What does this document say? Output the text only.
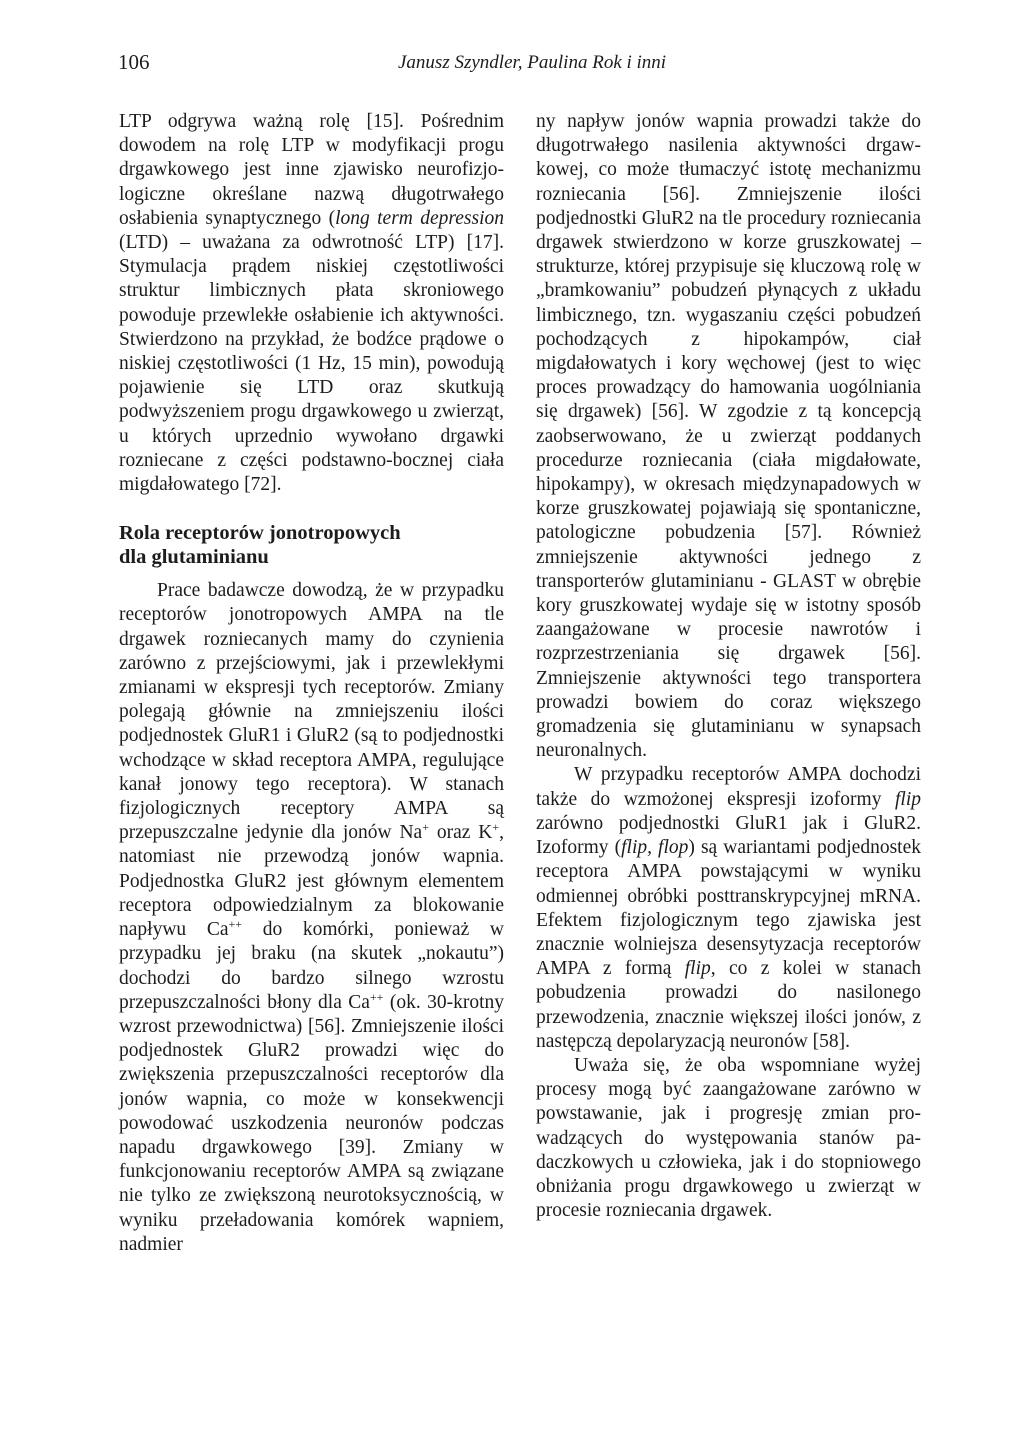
106	Janusz Szyndler, Paulina Rok i inni

LTP odgrywa ważną rolę [15]. Pośrednim dowodem na rolę LTP w modyfikacji progu drgawkowego jest inne zjawisko neurofizjologiczne określane nazwą długotrwałego osłabienia synaptycznego (long term depression (LTD) – uważana za odwrotność LTP) [17]. Stymulacja prądem niskiej częstotliwości struktur limbicznych płata skroniowego powoduje przewlekłe osłabienie ich aktywności. Stwierdzono na przykład, że bodźce prądowe o niskiej częstotliwości (1 Hz, 15 min), powodują pojawienie się LTD oraz skutkują podwyższeniem progu drgawkowego u zwierząt, u których uprzednio wywołano drgawki rozniecane z części podstawno-bocznej ciała migdałowatego [72].

Rola receptorów jonotropowych
dla glutaminianu

Prace badawcze dowodzą, że w przypadku receptorów jonotropowych AMPA na tle drgawek rozniecanych mamy do czynienia zarówno z przejściowymi, jak i przewlekłymi zmianami w ekspresji tych receptorów. Zmiany polegają głównie na zmniejszeniu ilości podjednostek GluR1 i GluR2 (są to podjednostki wchodzące w skład receptora AMPA, regulujące kanał jonowy tego receptora). W stanach fizjologicznych receptory AMPA są przepuszczalne jedynie dla jonów Na+ oraz K+, natomiast nie przewodzą jonów wapnia. Podjednostka GluR2 jest głównym elementem receptora odpowiedzialnym za blokowanie napływu Ca++ do komórki, ponieważ w przypadku jej braku (na skutek „nokautu”) dochodzi do bardzo silnego wzrostu przepuszczalności błony dla Ca++ (ok. 30-krotny wzrost przewodnictwa) [56]. Zmniejszenie ilości podjednostek GluR2 prowadzi więc do zwiększenia przepuszczalności receptorów dla jonów wapnia, co może w konsekwencji powodować uszkodzenia neuronów podczas napadu drgawkowego [39]. Zmiany w funkcjonowaniu receptorów AMPA są związane nie tylko ze zwiększoną neurotoksycznością, w wyniku przeładowania komórek wapniem, nadmier

ny napływ jonów wapnia prowadzi także do długotrwałego nasilenia aktywności drgawkowej, co może tłumaczyć istotę mechanizmu rozniecania [56]. Zmniejszenie ilości podjednostki GluR2 na tle procedury rozniecania drgawek stwierdzono w korze gruszkowatej – strukturze, której przypisuje się kluczową rolę w „bramkowaniu” pobudzeń płynących z układu limbicznego, tzn. wygaszaniu części pobudzeń pochodzących z hipokampów, ciał migdałowatych i kory węchowej (jest to więc proces prowadzący do hamowania uogólniania się drgawek) [56]. W zgodzie z tą koncepcją zaobserwowano, że u zwierząt poddanych procedurze rozniecania (ciała migdałowate, hipokampy), w okresach międzynapadowych w korze gruszkowatej pojawiają się spontaniczne, patologiczne pobudzenia [57]. Również zmniejszenie aktywności jednego z transporterów glutaminianu - GLAST w obrębie kory gruszkowatej wydaje się w istotny sposób zaangażowane w procesie nawrotów i rozprzestrzeniania się drgawek [56]. Zmniejszenie aktywności tego transportera prowadzi bowiem do coraz większego gromadzenia się glutaminianu w synapsach neuronalnych.

W przypadku receptorów AMPA dochodzi także do wzmożonej ekspresji izoformy flip zarówno podjednostki GluR1 jak i GluR2. Izoformy (flip, flop) są wariantami podjednostek receptora AMPA powstającymi w wyniku odmiennej obróbki posttranskrypcyjnej mRNA. Efektem fizjologicznym tego zjawiska jest znacznie wolniejsza desensytyzacja receptorów AMPA z formą flip, co z kolei w stanach pobudzenia prowadzi do nasilonego przewodzenia, znacznie większej ilości jonów, z następczą depolaryzacją neuronów [58].

Uważa się, że oba wspomniane wyżej procesy mogą być zaangażowane zarówno w powstawanie, jak i progresję zmian prowadzących do występowania stanów padaczkowych u człowieka, jak i do stopniowego obniżania progu drgawkowego u zwierząt w procesie rozniecania drgawek.
